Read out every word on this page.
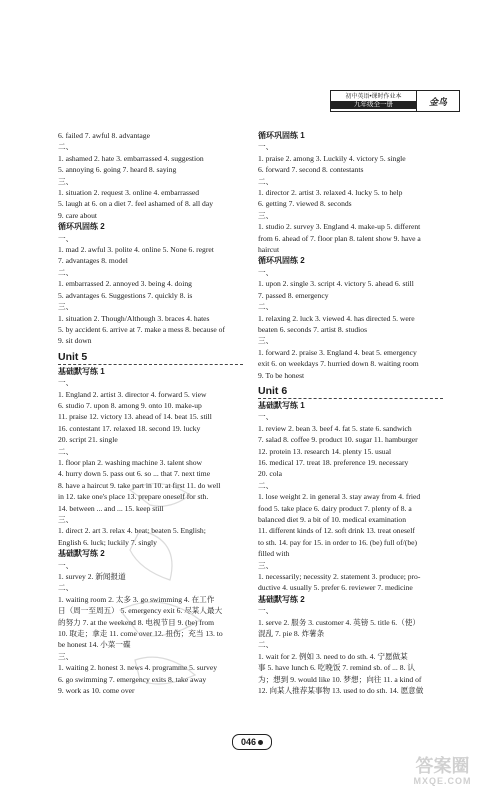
初中英语•课时作业本
九年级全一册	金鸟
6. failed 7. awful 8. advantage
二、
1. ashamed 2. hate 3. embarrassed 4. suggestion
5. annoying 6. going 7. heard 8. saying
三、
1. situation 2. request 3. online 4. embarrassed
5. laugh at 6. on a diet 7. feel ashamed of 8. all day
9. care about
循环巩固练 2
一、
1. mad 2. awful 3. polite 4. online 5. None 6. regret
7. advantages 8. model
二、
1. embarrassed 2. annoyed 3. being 4. doing
5. advantages 6. Suggestions 7. quickly 8. is
三、
1. situation 2. Though/Although 3. braces 4. hates
5. by accident 6. arrive at 7. make a mess 8. because of
9. sit down
Unit 5
基础默写练 1
一、
1. England 2. artist 3. director 4. forward 5. view
6. studio 7. upon 8. among 9. onto 10. make-up
11. praise 12. victory 13. ahead of 14. beat 15. still
16. contestant 17. relaxed 18. second 19. lucky
20. script 21. single
二、
1. floor plan 2. washing machine 3. talent show
4. hurry down 5. pass out 6. so ... that 7. next time
8. have a haircut 9. take part in 10. at first 11. do well
in 12. take one's place 13. prepare oneself for sth.
14. between ... and ... 15. keep still
三、
1. direct 2. art 3. relax 4. beat; beaten 5. English;
English 6. luck; luckily 7. singly
基础默写练 2
一、
1. survey 2. 新闻报道
二、
1. waiting room 2. 太多 3. go swimming 4. 在工作
日（周一至周五） 5. emergency exit 6. 尽某人最大
的努力 7. at the weekend 8. 电视节目 9. (be) from
10. 取走；拿走 11. come over 12. 扭伤；充当 13. to
be honest 14. 小菜一碟
三、
1. waiting 2. honest 3. news 4. programme 5. survey
6. go swimming 7. emergency exits 8. take away
9. work as 10. come over
循环巩固练 1
一、
1. praise 2. among 3. Luckily 4. victory 5. single
6. forward 7. second 8. contestants
二、
1. director 2. artist 3. relaxed 4. lucky 5. to help
6. getting 7. viewed 8. seconds
三、
1. studio 2. survey 3. England 4. make-up 5. different
from 6. ahead of 7. floor plan 8. talent show 9. have a
haircut
循环巩固练 2
一、
1. upon 2. single 3. script 4. victory 5. ahead 6. still
7. passed 8. emergency
二、
1. relaxing 2. luck 3. viewed 4. has directed 5. were
beaten 6. seconds 7. artist 8. studios
三、
1. forward 2. praise 3. England 4. beat 5. emergency
exit 6. on weekdays 7. hurried down 8. waiting room
9. To be honest
Unit 6
基础默写练 1
一、
1. review 2. bean 3. beef 4. fat 5. state 6. sandwich
7. salad 8. coffee 9. product 10. sugar 11. hamburger
12. protein 13. research 14. plenty 15. usual
16. medical 17. treat 18. preference 19. necessary
20. cola
二、
1. lose weight 2. in general 3. stay away from 4. fried
food 5. take place 6. dairy product 7. plenty of 8. a
balanced diet 9. a bit of 10. medical examination
11. different kinds of 12. soft drink 13. treat oneself
to sth. 14. pay for 15. in order to 16. (be) full of/(be)
filled with
三、
1. necessarily; necessity 2. statement 3. produce; pro-
ductive 4. usually 5. prefer 6. reviewer 7. medicine
基础默写练 2
一、
1. serve 2. 服务 3. customer 4. 英镑 5. title 6.（使）
混乱 7. pie 8. 炸薯条
二、
1. wait for 2. 例如 3. need to do sth. 4. 宁愿做某
事 5. have lunch 6. 吃晚饭 7. remind sb. of ... 8. 认
为；想到 9. would like 10. 梦想；向往 11. a kind of
12. 向某人推荐某事物 13. used to do sth. 14. 愿意做
046
答案圈
MXQE.COM
